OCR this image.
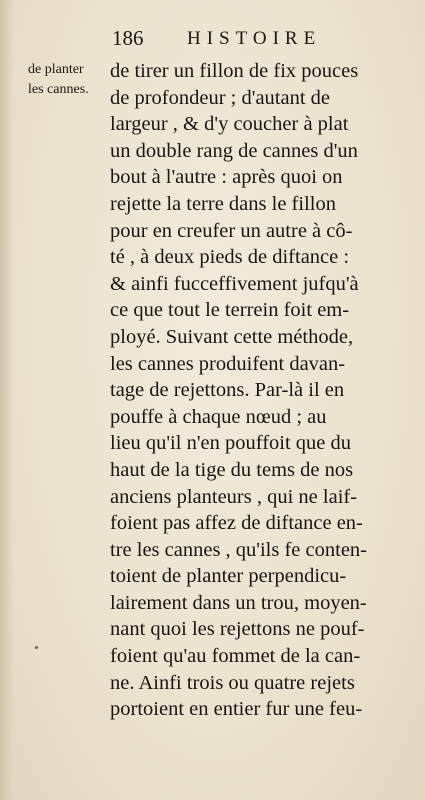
186 HISTOIRE
de planter
les cannes.
de tirer un fillon de fix pouces
de profondeur ; d'autant de
largeur , & d'y coucher à plat
un double rang de cannes d'un
bout à l'autre : après quoi on
rejette la terre dans le fillon
pour en creufer un autre à cô-
té , à deux pieds de diftance :
& ainfi fucceffivement jufqu'à
ce que tout le terrein foit em-
ployé. Suivant cette méthode,
les cannes produifent davan-
tage de rejettons. Par-là il en
pouffe à chaque nœud ; au
lieu qu'il n'en pouffoit que du
haut de la tige du tems de nos
anciens planteurs , qui ne laif-
foient pas affez de diftance en-
tre les cannes , qu'ils fe conten-
toient de planter perpendicu-
lairement dans un trou, moyen-
nant quoi les rejettons ne pouf-
foient qu'au fommet de la can-
ne. Ainfi trois ou quatre rejets
portoient en entier fur une feu-
